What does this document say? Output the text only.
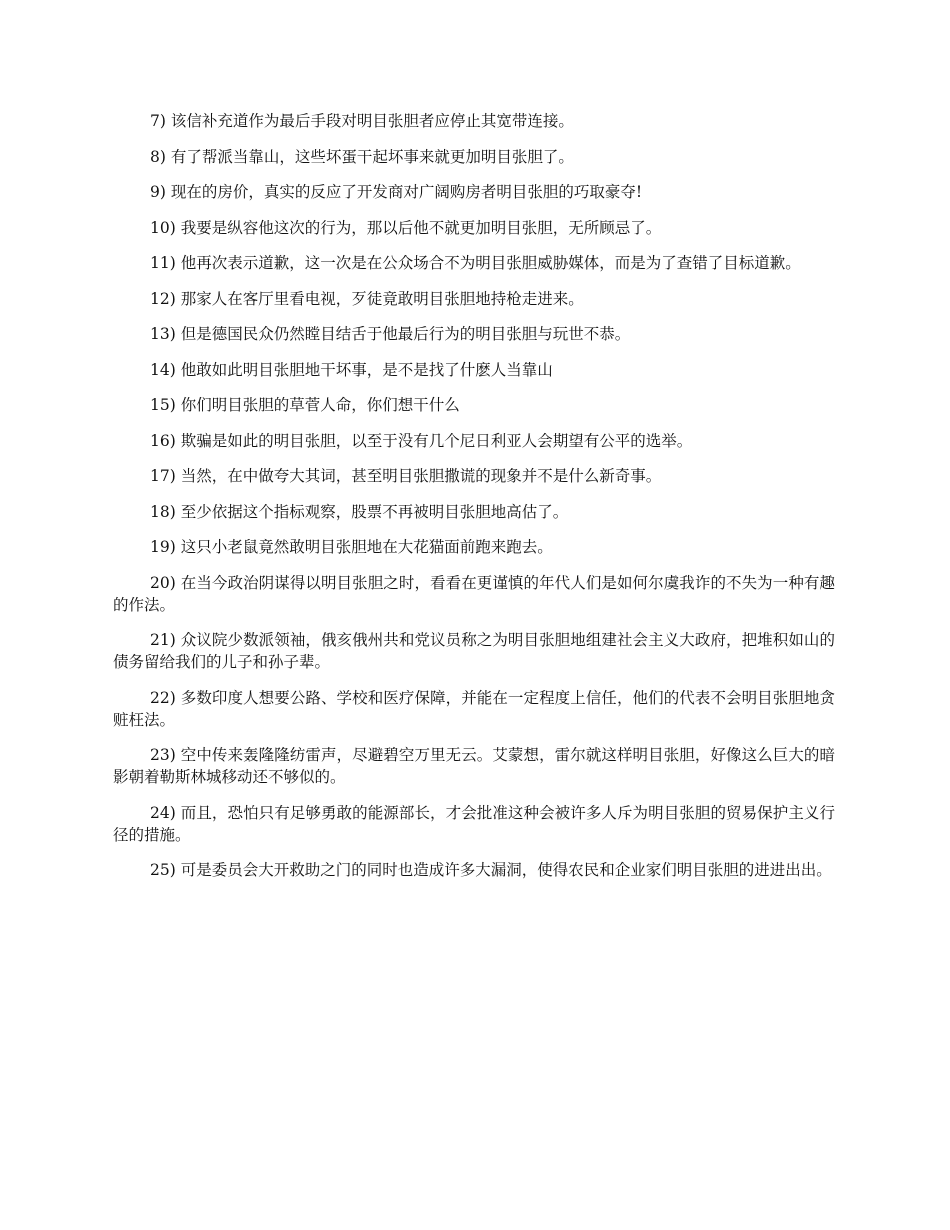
7) 该信补充道作为最后手段对明目张胆者应停止其宽带连接。

8) 有了帮派当靠山，这些坏蛋干起坏事来就更加明目张胆了。

9) 现在的房价，真实的反应了开发商对广阔购房者明目张胆的巧取豪夺!

10) 我要是纵容他这次的行为，那以后他不就更加明目张胆，无所顾忌了。

11) 他再次表示道歉，这一次是在公众场合不为明目张胆威胁媒体，而是为了查错了目标道歉。

12) 那家人在客厅里看电视，歹徒竟敢明目张胆地持枪走进来。

13) 但是德国民众仍然瞠目结舌于他最后行为的明目张胆与玩世不恭。

14) 他敢如此明目张胆地干坏事，是不是找了什麽人当靠山

15) 你们明目张胆的草菅人命，你们想干什么

16) 欺骗是如此的明目张胆，以至于没有几个尼日利亚人会期望有公平的选举。

17) 当然，在中做夸大其词，甚至明目张胆撒谎的现象并不是什么新奇事。

18) 至少依据这个指标观察，股票不再被明目张胆地高估了。

19) 这只小老鼠竟然敢明目张胆地在大花猫面前跑来跑去。

20) 在当今政治阴谋得以明目张胆之时，看看在更谨慎的年代人们是如何尔虞我诈的不失为一种有趣的作法。

21) 众议院少数派领袖，俄亥俄州共和党议员称之为明目张胆地组建社会主义大政府，把堆积如山的债务留给我们的儿子和孙子辈。

22) 多数印度人想要公路、学校和医疗保障，并能在一定程度上信任，他们的代表不会明目张胆地贪赃枉法。

23) 空中传来轰隆隆纺雷声，尽避碧空万里无云。艾蒙想，雷尔就这样明目张胆，好像这么巨大的暗影朝着勒斯林城移动还不够似的。

24) 而且，恐怕只有足够勇敢的能源部长，才会批准这种会被许多人斥为明目张胆的贸易保护主义行径的措施。

25) 可是委员会大开救助之门的同时也造成许多大漏洞，使得农民和企业家们明目张胆的进进出出。
